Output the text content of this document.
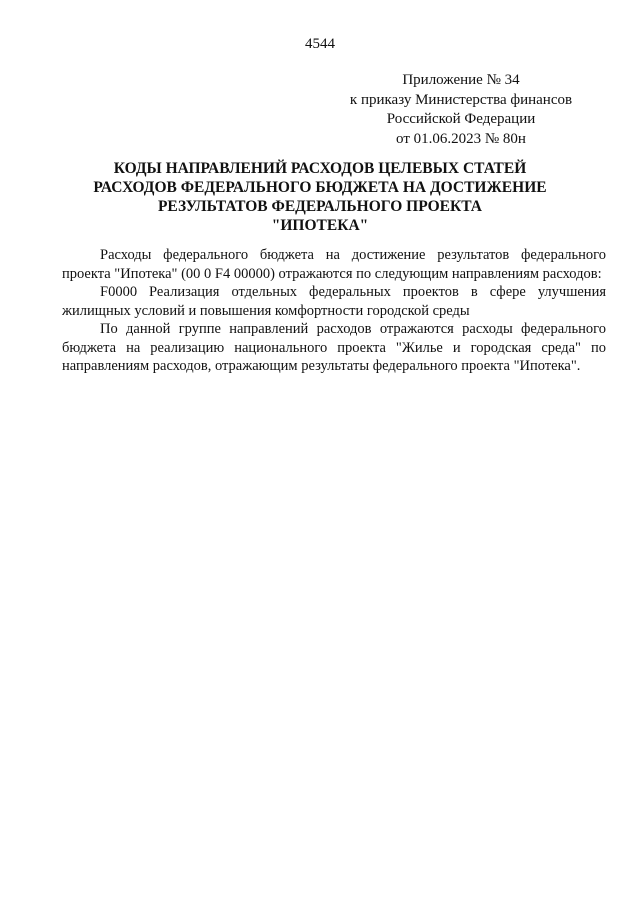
4544
Приложение № 34
к приказу Министерства финансов
Российской Федерации
от 01.06.2023 № 80н
КОДЫ НАПРАВЛЕНИЙ РАСХОДОВ ЦЕЛЕВЫХ СТАТЕЙ
РАСХОДОВ ФЕДЕРАЛЬНОГО БЮДЖЕТА НА ДОСТИЖЕНИЕ
РЕЗУЛЬТАТОВ ФЕДЕРАЛЬНОГО ПРОЕКТА
"ИПОТЕКА"

Расходы федерального бюджета на достижение результатов федерального проекта "Ипотека" (00 0 F4 00000) отражаются по следующим направлениям расходов:

F0000 Реализация отдельных федеральных проектов в сфере улучшения жилищных условий и повышения комфортности городской среды

По данной группе направлений расходов отражаются расходы федерального бюджета на реализацию национального проекта "Жилье и городская среда" по направлениям расходов, отражающим результаты федерального проекта "Ипотека".
